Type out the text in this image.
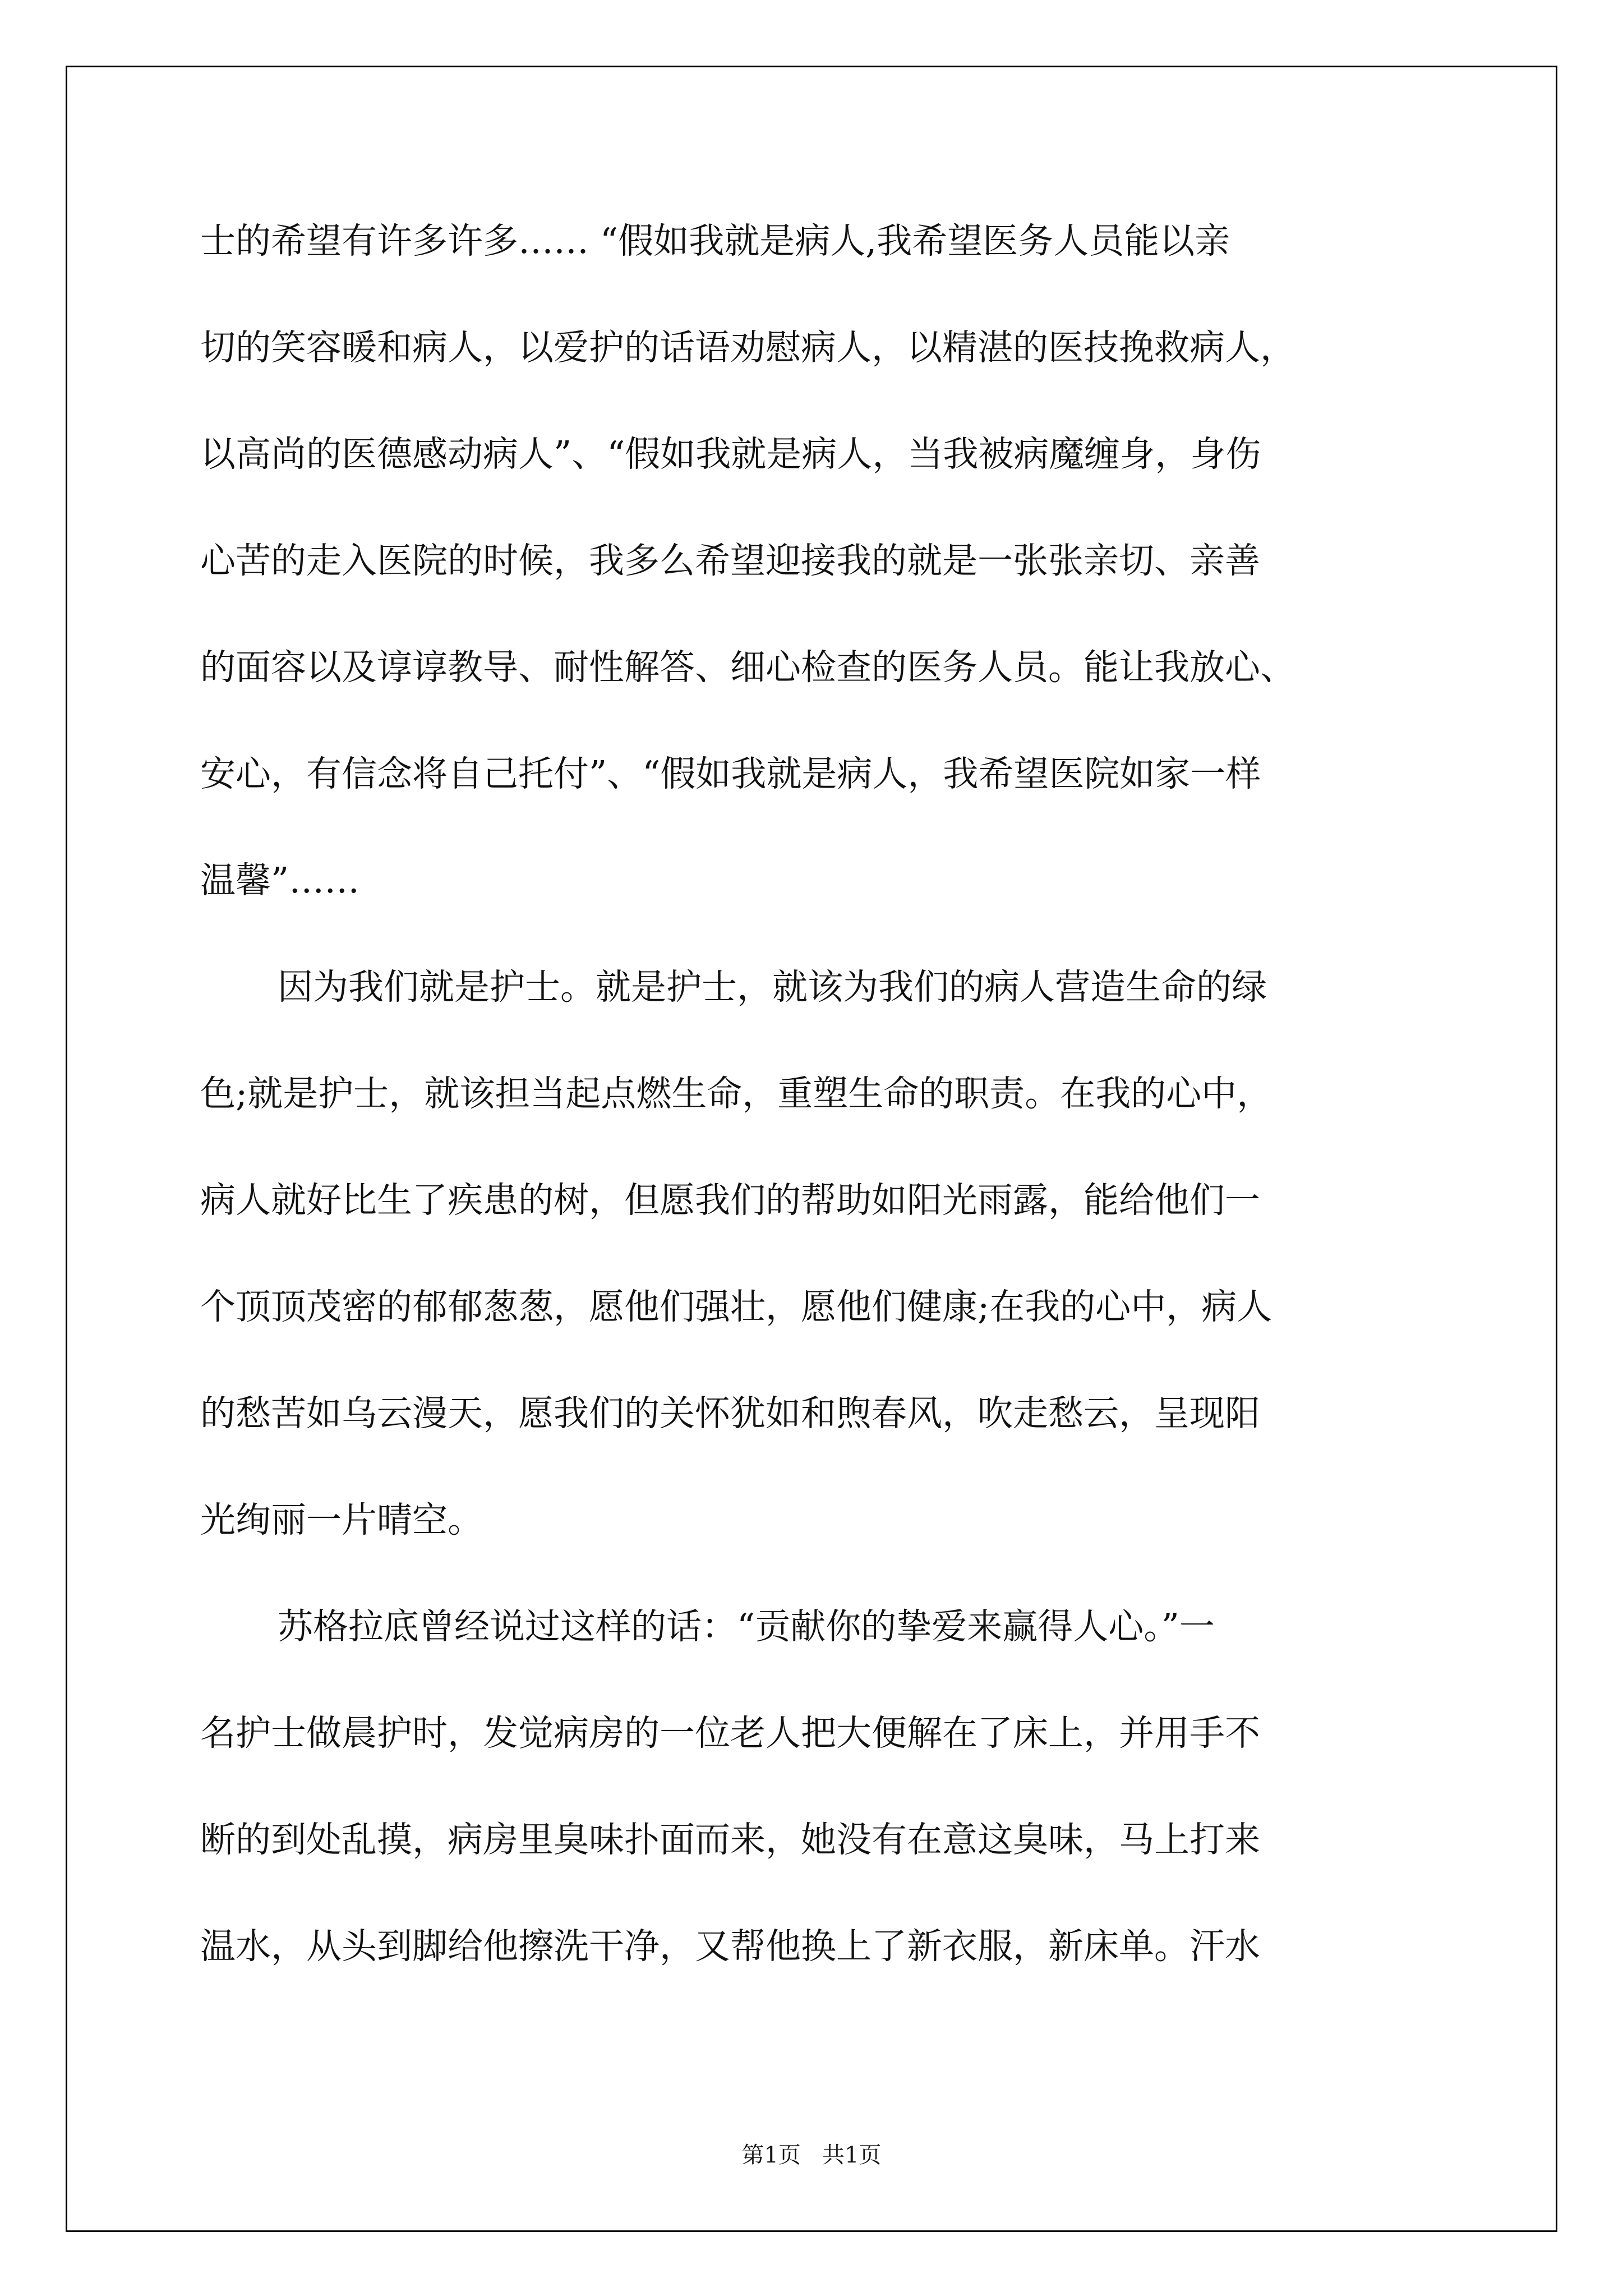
士的希望有许多许多…… “假如我就是病人,我希望医务人员能以亲
切的笑容暖和病人，以爱护的话语劝慰病人，以精湛的医技挽救病人，
以高尚的医德感动病人”、“假如我就是病人，当我被病魔缠身，身伤
心苦的走入医院的时候，我多么希望迎接我的就是一张张亲切、亲善
的面容以及谆谆教导、耐性解答、细心检查的医务人员。能让我放心、
安心，有信念将自己托付”、“假如我就是病人，我希望医院如家一样
温馨”……
因为我们就是护士。就是护士，就该为我们的病人营造生命的绿
色;就是护士，就该担当起点燃生命，重塑生命的职责。在我的心中，
病人就好比生了疾患的树，但愿我们的帮助如阳光雨露，能给他们一
个顶顶茂密的郁郁葱葱，愿他们强壮，愿他们健康;在我的心中，病人
的愁苦如乌云漫天，愿我们的关怀犹如和煦春风，吹走愁云，呈现阳
光绚丽一片晴空。
苏格拉底曾经说过这样的话：“贡献你的挚爱来赢得人心。”一
名护士做晨护时，发觉病房的一位老人把大便解在了床上，并用手不
断的到处乱摸，病房里臭味扑面而来，她没有在意这臭味，马上打来
温水，从头到脚给他擦洗干净，又帮他换上了新衣服，新床单。汗水
第1页   共1页
